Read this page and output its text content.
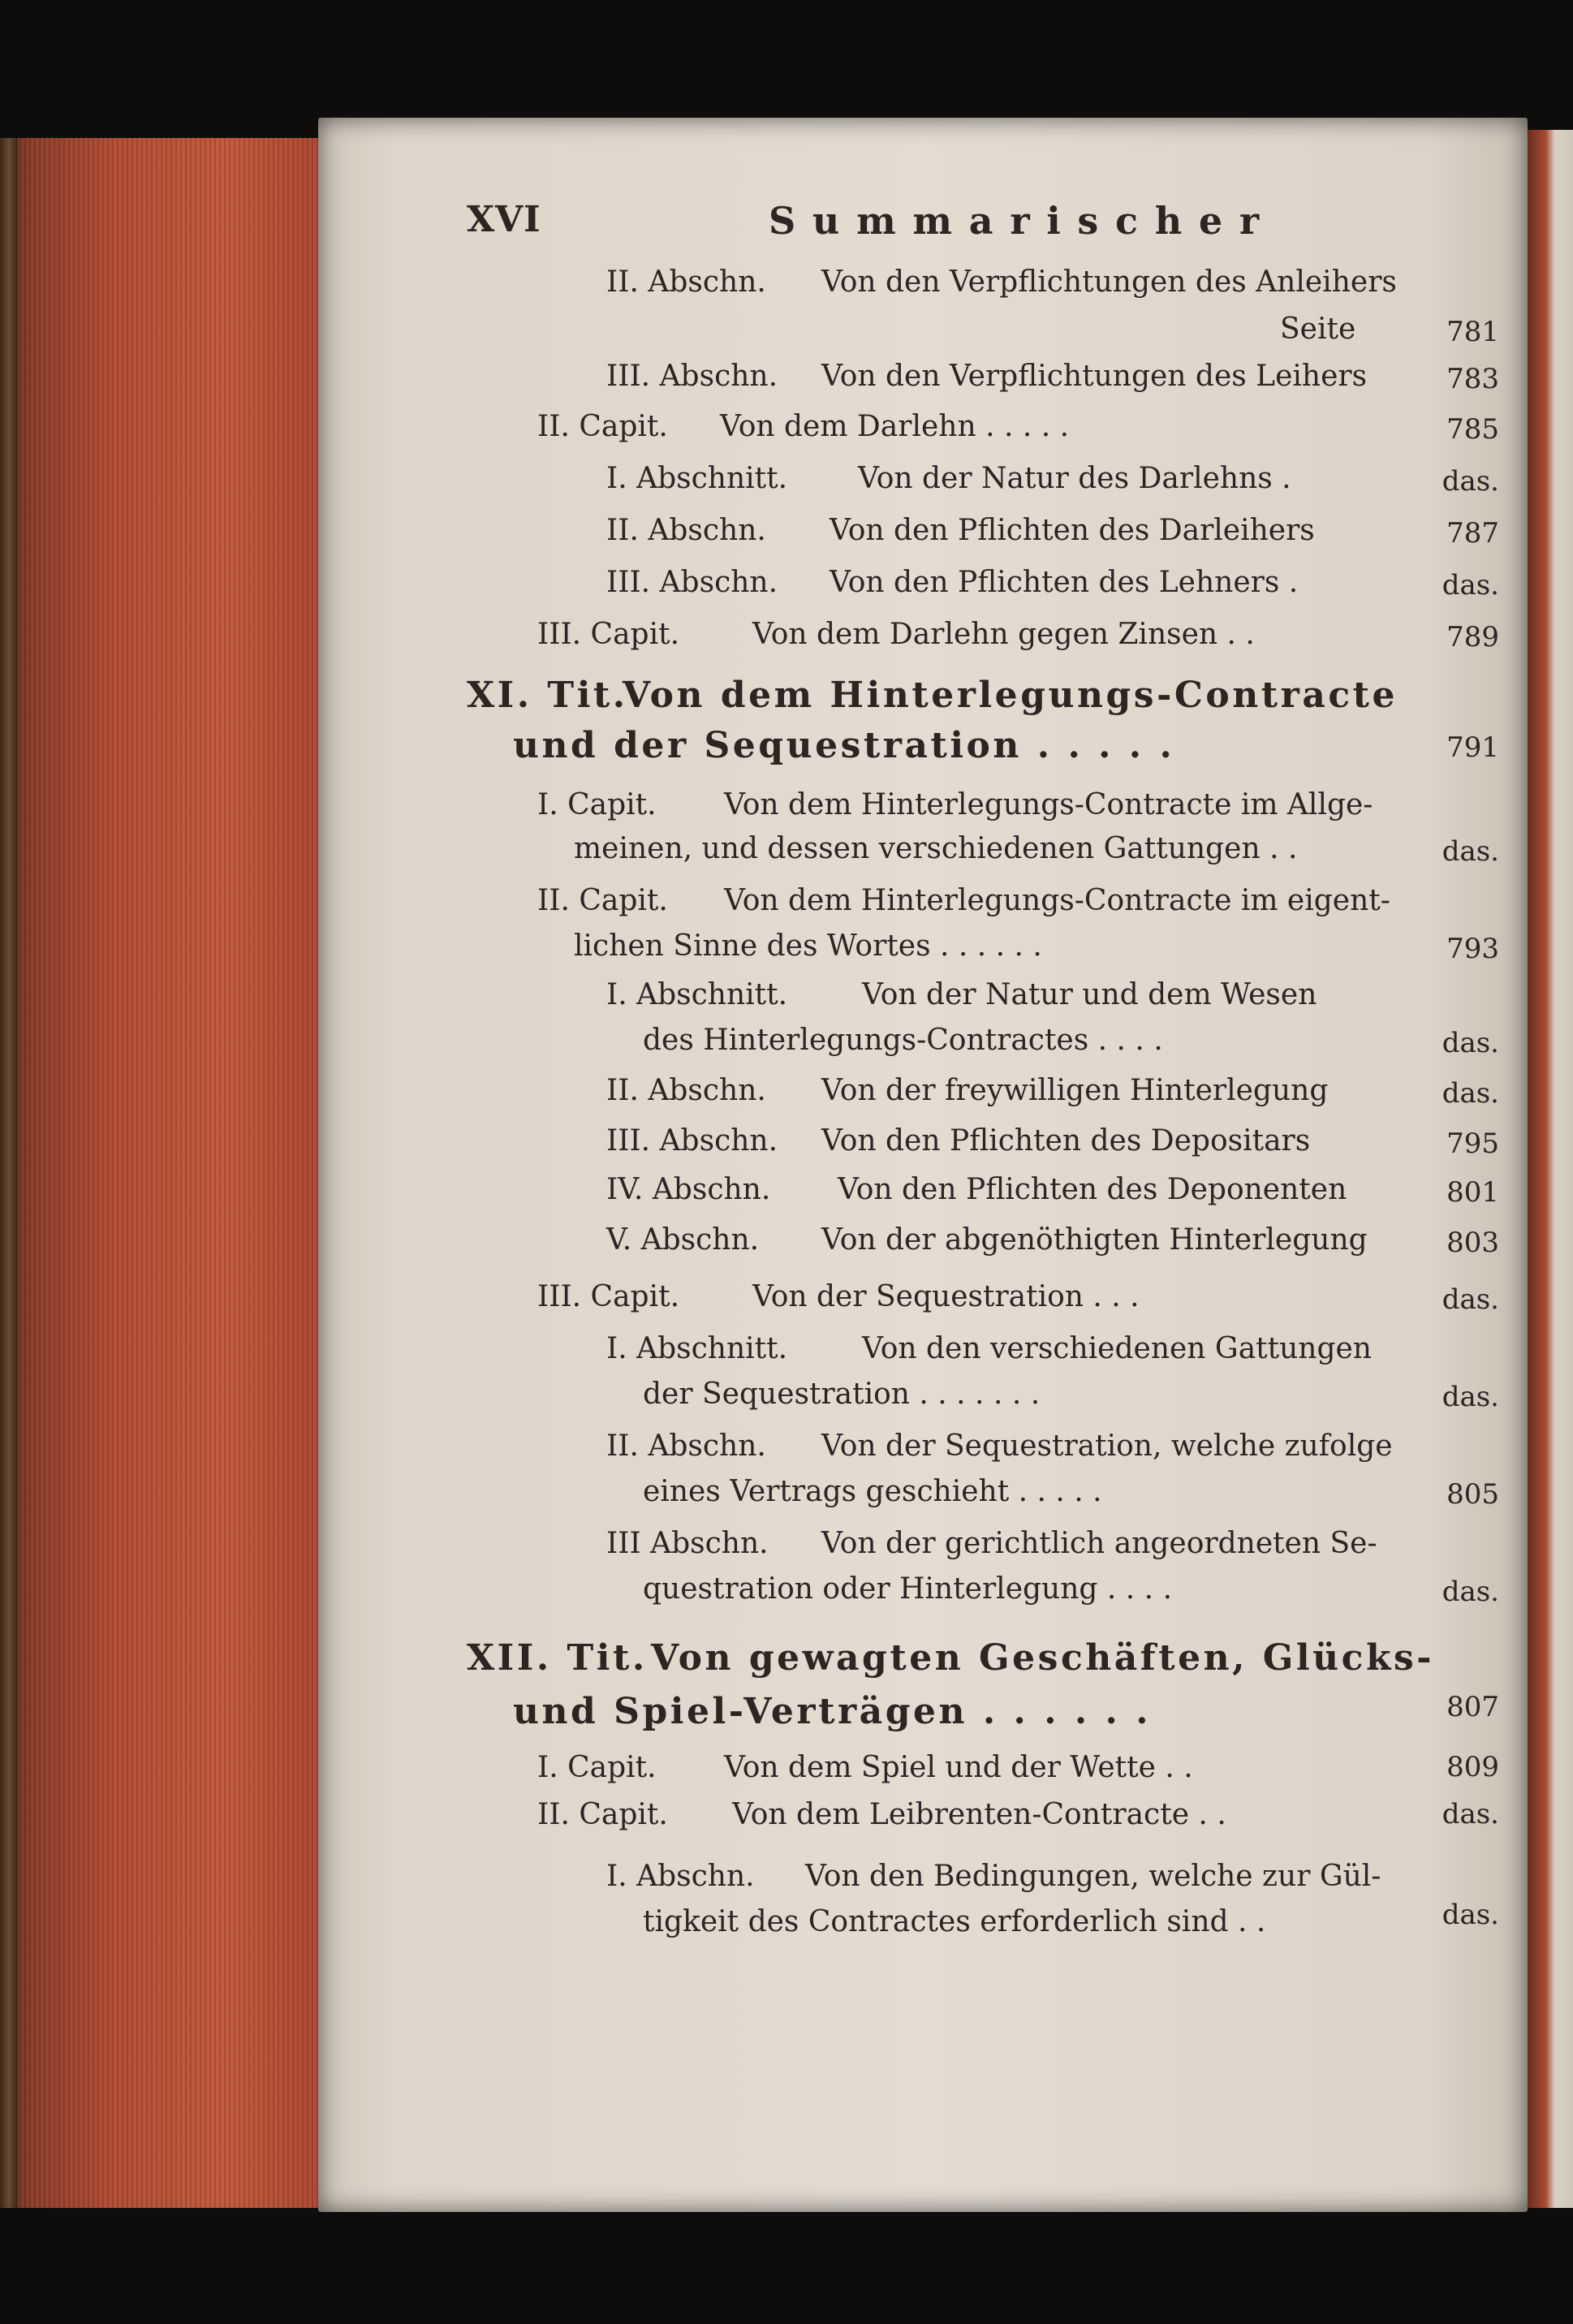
XVI	Summarischer
II. Abschn. Von den Verpflichtungen des Anleihers
Seite	781
III. Abschn. Von den Verpflichtungen des Leihers	783
II. Capit. Von dem Darlehn . . . . .	785
I. Abschnitt. Von der Natur des Darlehns .	das.
II. Abschn. Von den Pflichten des Darleihers	787
III. Abschn. Von den Pflichten des Lehners .	das.
III. Capit. Von dem Darlehn gegen Zinsen . .	789
XI. Tit.
Von dem Hinterlegungs-Contracte
und der Sequestration . . . . .	791
I. Capit. Von dem Hinterlegungs-Contracte im Allge-
meinen, und dessen verschiedenen Gattungen . .	das.
II. Capit. Von dem Hinterlegungs-Contracte im eigent-
lichen Sinne des Wortes . . . . . .	793
I. Abschnitt.	Von der Natur und dem Wesen
des Hinterlegungs-Contractes . . . .	das.
II. Abschn. Von der freywilligen Hinterlegung	das.
III. Abschn. Von den Pflichten des Depositars	795
IV. Abschn. Von den Pflichten des Deponenten	801
V. Abschn. Von der abgenöthigten Hinterlegung	803
III. Capit. Von der Sequestration . . .	das.
I. Abschnitt.	Von den verschiedenen Gattungen
der Sequestration . . . . . . .	das.
II. Abschn. Von der Sequestration, welche zufolge
eines Vertrags geschieht . . . . .	805
III Abschn. Von der gerichtlich angeordneten Se-
questration oder Hinterlegung . . . .	das.
XII. Tit. Von gewagten Geschäften, Glücks-
und Spiel-Verträgen . . . . . .	807
I. Capit. Von dem Spiel und der Wette . .	809
II. Capit. Von dem Leibrenten-Contracte . .	das.
I. Abschn. Von den Bedingungen, welche zur Gül-
tigkeit des Contractes erforderlich sind . .	das.
